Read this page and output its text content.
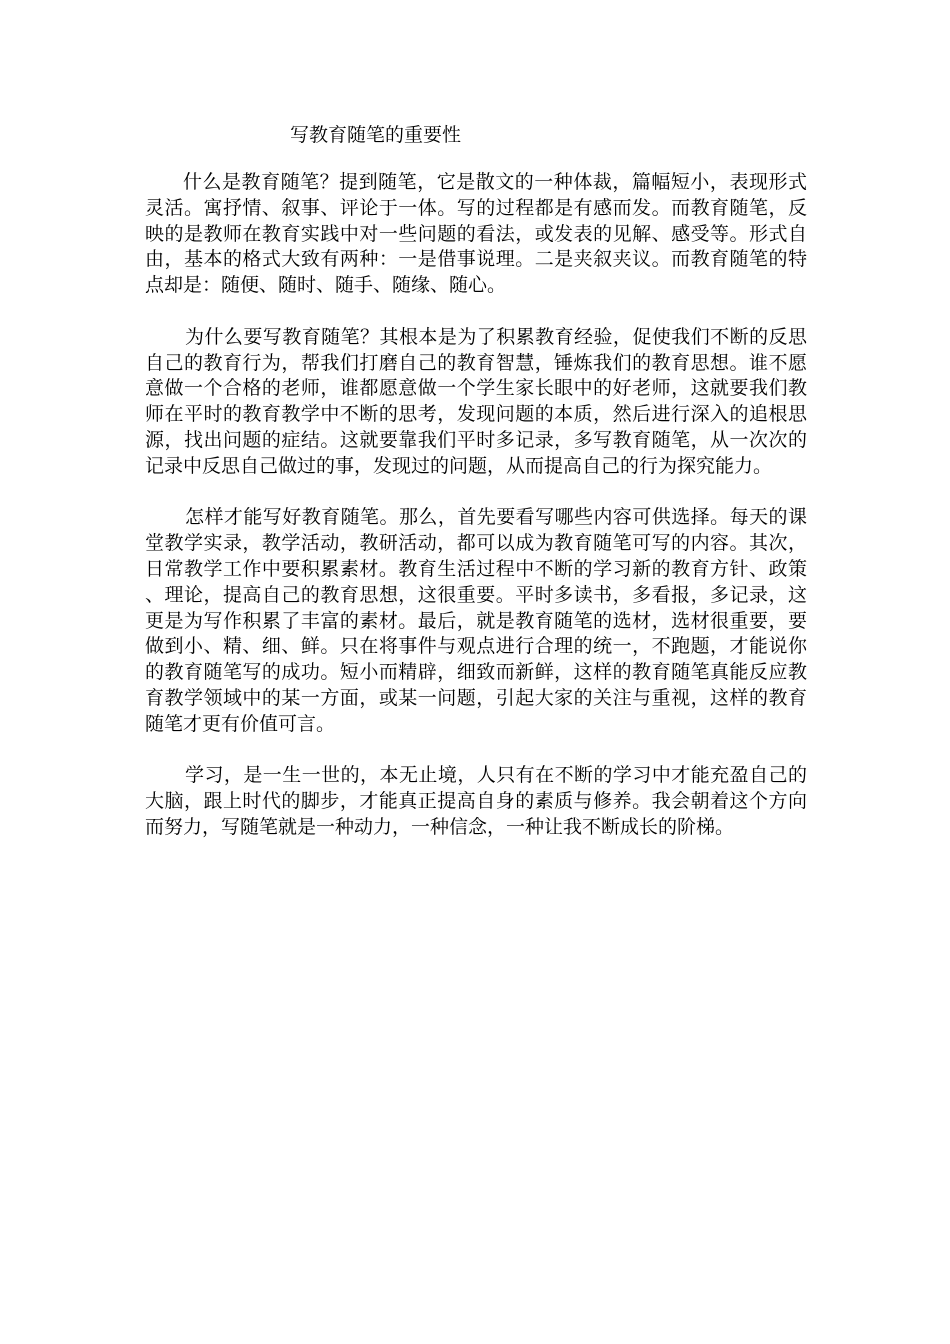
写教育随笔的重要性

什么是教育随笔？提到随笔，它是散文的一种体裁，篇幅短小，表现形式灵活。寓抒情、叙事、评论于一体。写的过程都是有感而发。而教育随笔，反映的是教师在教育实践中对一些问题的看法，或发表的见解、感受等。形式自由，基本的格式大致有两种：一是借事说理。二是夹叙夹议。而教育随笔的特点却是：随便、随时、随手、随缘、随心。

为什么要写教育随笔？其根本是为了积累教育经验，促使我们不断的反思自己的教育行为，帮我们打磨自己的教育智慧，锤炼我们的教育思想。谁不愿意做一个合格的老师，谁都愿意做一个学生家长眼中的好老师，这就要我们教师在平时的教育教学中不断的思考，发现问题的本质，然后进行深入的追根思源，找出问题的症结。这就要靠我们平时多记录，多写教育随笔，从一次次的记录中反思自己做过的事，发现过的问题，从而提高自己的行为探究能力。

怎样才能写好教育随笔。那么，首先要看写哪些内容可供选择。每天的课堂教学实录，教学活动，教研活动，都可以成为教育随笔可写的内容。其次，日常教学工作中要积累素材。教育生活过程中不断的学习新的教育方针、政策、理论，提高自己的教育思想，这很重要。平时多读书，多看报，多记录，这更是为写作积累了丰富的素材。最后，就是教育随笔的选材，选材很重要，要做到小、精、细、鲜。只在将事件与观点进行合理的统一，不跑题，才能说你的教育随笔写的成功。短小而精辟，细致而新鲜，这样的教育随笔真能反应教育教学领域中的某一方面，或某一问题，引起大家的关注与重视，这样的教育随笔才更有价值可言。

学习，是一生一世的，本无止境，人只有在不断的学习中才能充盈自己的大脑，跟上时代的脚步，才能真正提高自身的素质与修养。我会朝着这个方向而努力，写随笔就是一种动力，一种信念，一种让我不断成长的阶梯。
